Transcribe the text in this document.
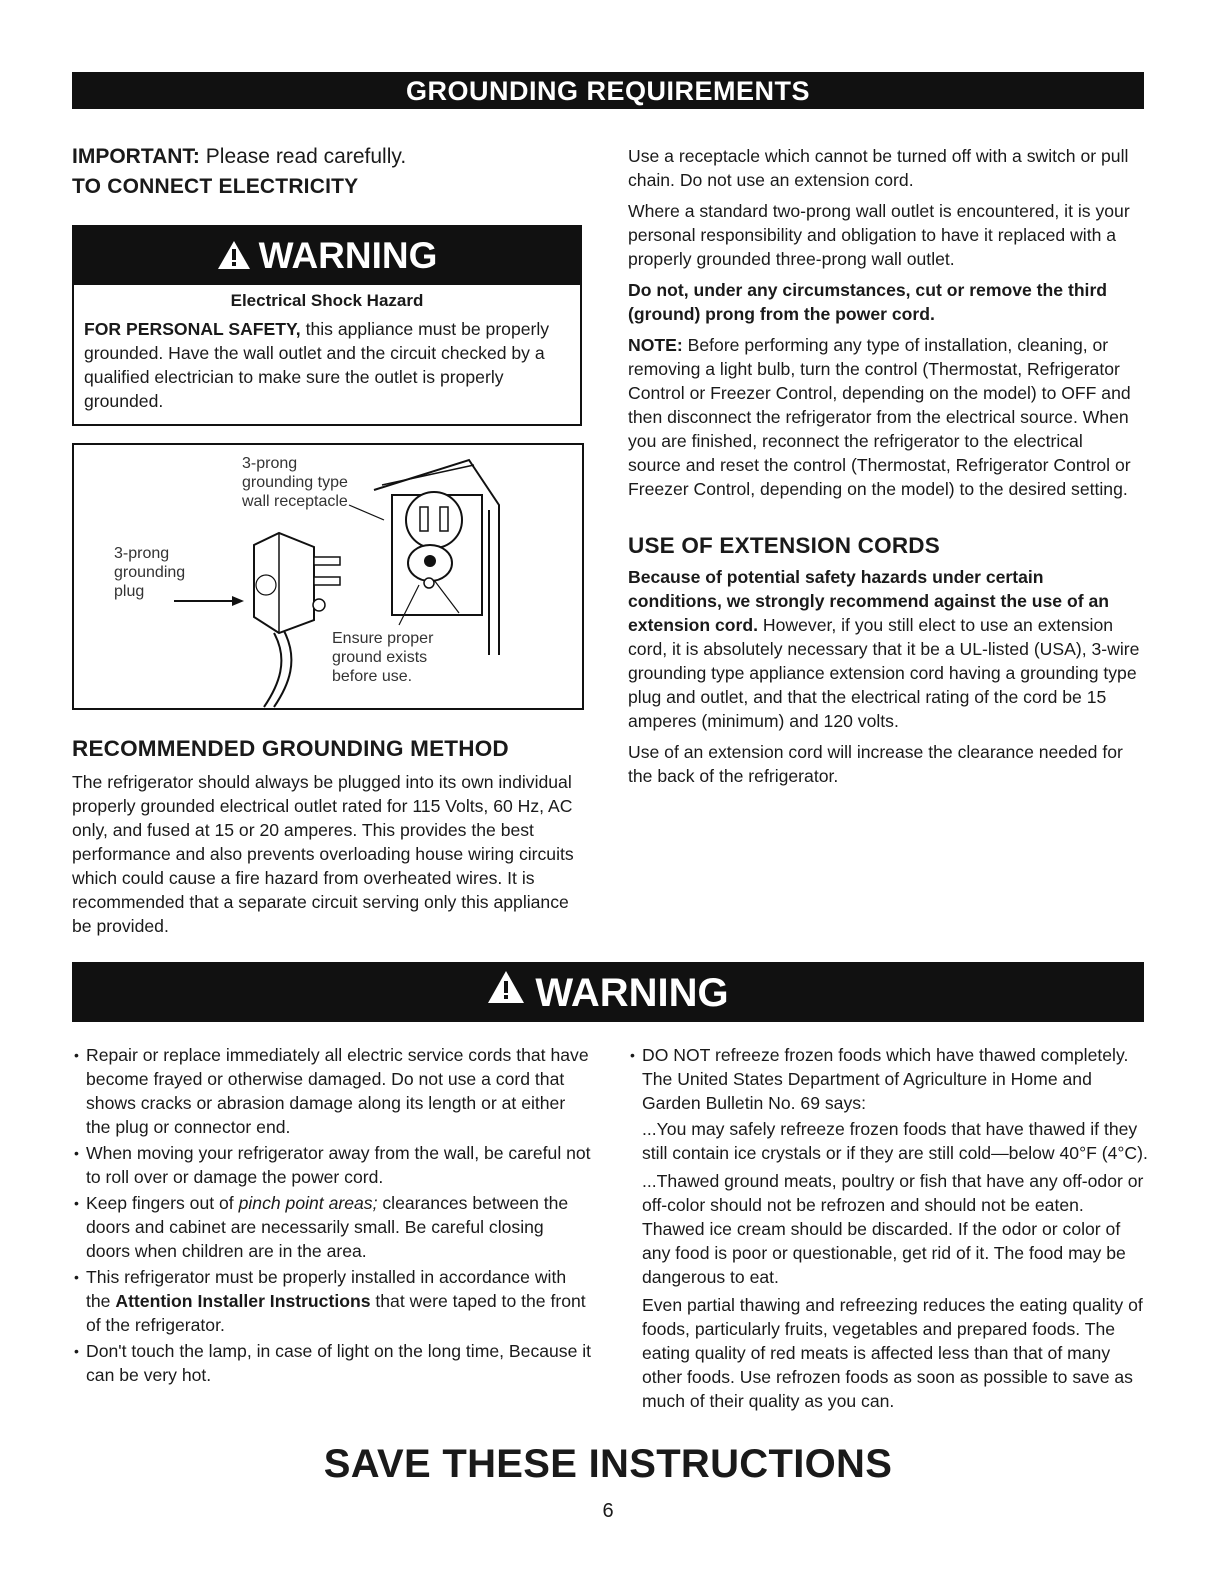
GROUNDING REQUIREMENTS

IMPORTANT: Please read carefully.

TO CONNECT ELECTRICITY

WARNING

Electrical Shock Hazard

FOR PERSONAL SAFETY, this appliance must be properly grounded. Have the wall outlet and the circuit checked by a qualified electrician to make sure the outlet is properly grounded.

3-prong
grounding type
wall receptacle
3-prong
grounding
plug
Ensure proper
ground exists
before use.

RECOMMENDED GROUNDING METHOD

The refrigerator should always be plugged into its own individual properly grounded electrical outlet rated for 115 Volts, 60 Hz, AC only, and fused at 15 or 20 amperes. This provides the best performance and also prevents overloading house wiring circuits which could cause a fire hazard from overheated wires. It is recommended that a separate circuit serving only this appliance be provided.

Use a receptacle which cannot be turned off with a switch or pull chain. Do not use an extension cord.

Where a standard two-prong wall outlet is encountered, it is your personal responsibility and obligation to have it replaced with a properly grounded three-prong wall outlet.

Do not, under any circumstances, cut or remove the third (ground) prong from the power cord.

NOTE: Before performing any type of installation, cleaning, or removing a light bulb, turn the control (Thermostat, Refrigerator Control or Freezer Control, depending on the model) to OFF and then disconnect the refrigerator from the electrical source. When you are finished, reconnect the refrigerator to the electrical source and reset the control (Thermostat, Refrigerator Control or Freezer Control, depending on the model) to the desired setting.

USE OF EXTENSION CORDS

Because of potential safety hazards under certain conditions, we strongly recommend against the use of an extension cord. However, if you still elect to use an extension cord, it is absolutely necessary that it be a UL-listed (USA), 3-wire grounding type appliance extension cord having a grounding type plug and outlet, and that the electrical rating of the cord be 15 amperes (minimum) and 120 volts.

Use of an extension cord will increase the clearance needed for the back of the refrigerator.

WARNING
• Repair or replace immediately all electric service cords that have become frayed or otherwise damaged. Do not use a cord that shows cracks or abrasion damage along its length or at either the plug or connector end.
• When moving your refrigerator away from the wall, be careful not to roll over or damage the power cord.
• Keep fingers out of pinch point areas; clearances between the doors and cabinet are necessarily small. Be careful closing doors when children are in the area.
• This refrigerator must be properly installed in accordance with the Attention Installer Instructions that were taped to the front of the refrigerator.
• Don't touch the lamp, in case of light on the long time, Because it can be very hot.
• DO NOT refreeze frozen foods which have thawed completely. The United States Department of Agriculture in Home and Garden Bulletin No. 69 says:

...You may safely refreeze frozen foods that have thawed if they still contain ice crystals or if they are still cold—below 40°F (4°C).

...Thawed ground meats, poultry or fish that have any off-odor or off-color should not be refrozen and should not be eaten. Thawed ice cream should be discarded. If the odor or color of any food is poor or questionable, get rid of it. The food may be dangerous to eat.

Even partial thawing and refreezing reduces the eating quality of foods, particularly fruits, vegetables and prepared foods. The eating quality of red meats is affected less than that of many other foods. Use refrozen foods as soon as possible to save as much of their quality as you can.

SAVE THESE INSTRUCTIONS
6
